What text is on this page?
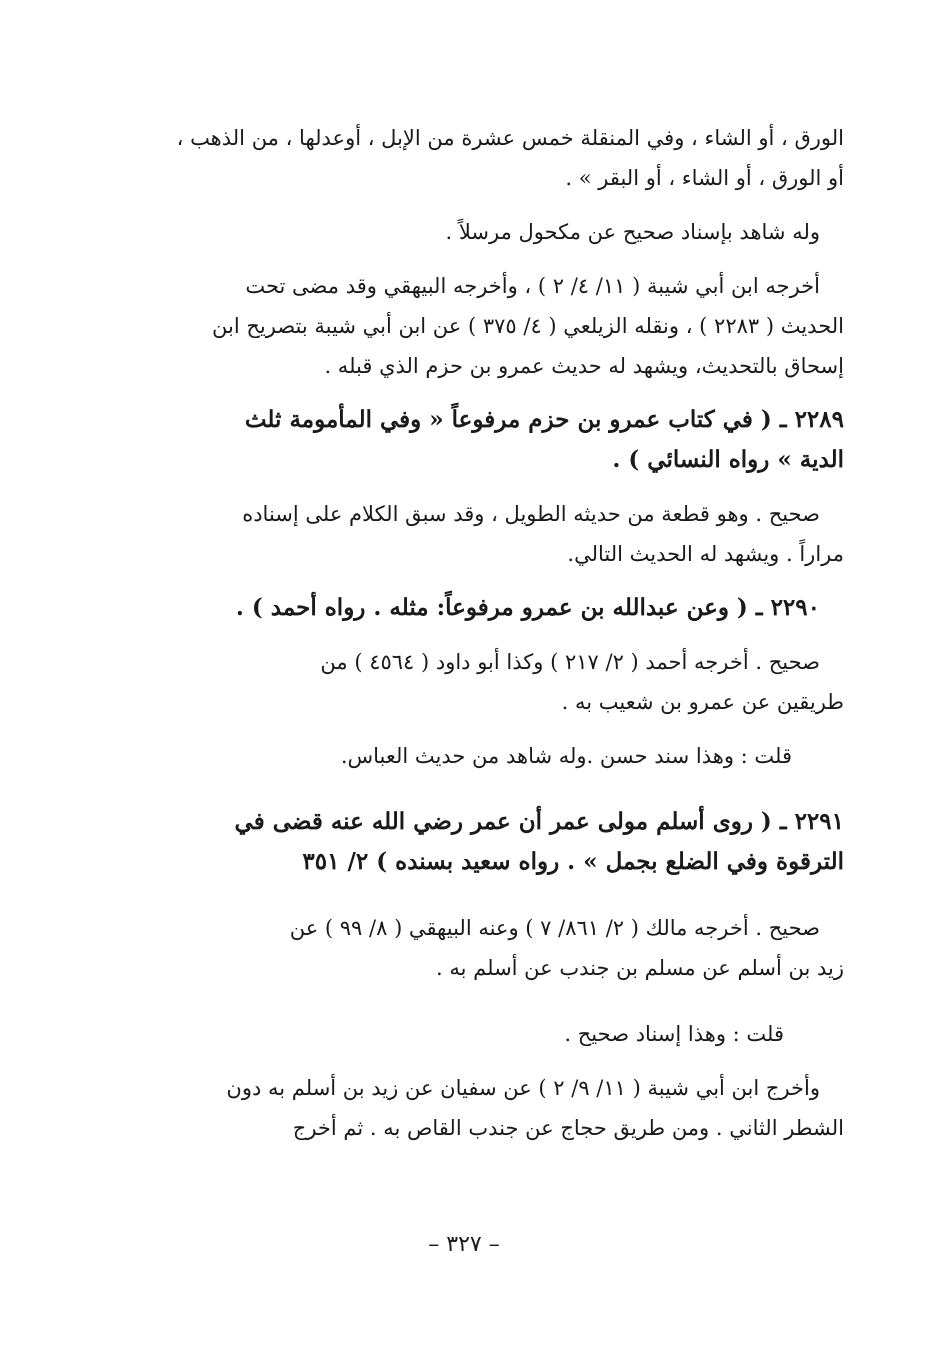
الورق ، أو الشاء ، وفي المنقلة خمس عشرة من الإبل ، أوعدلها ، من الذهب ،
أو الورق ، أو الشاء ، أو البقر » .

وله شاهد بإسناد صحيح عن مكحول مرسلاً .

أخرجه ابن أبي شيبة ( ١١/ ٤/ ٢ ) ، وأخرجه البيهقي وقد مضى تحت
الحديث ( ٢٢٨٣ ) ، ونقله الزيلعي ( ٤/ ٣٧٥ ) عن ابن أبي شيبة بتصريح ابن
إسحاق بالتحديث، ويشهد له حديث عمرو بن حزم الذي قبله .

٢٢٨٩ ـ ( في كتاب عمرو بن حزم مرفوعاً « وفي المأمومة ثلث
الدية » رواه النسائي ) .

صحيح . وهو قطعة من حديثه الطويل ، وقد سبق الكلام على إسناده
مراراً . ويشهد له الحديث التالي.

٢٢٩٠ ـ ( وعن عبدالله بن عمرو مرفوعاً: مثله . رواه أحمد ) .

صحيح . أخرجه أحمد ( ٢/ ٢١٧ ) وكذا أبو داود ( ٤٥٦٤ ) من
طريقين عن عمرو بن شعيب به .

قلت : وهذا سند حسن .وله شاهد من حديث العباس.

٢٢٩١ ـ ( روى أسلم مولى عمر أن عمر رضي الله عنه قضى في
الترقوة وفي الضلع بجمل » . رواه سعيد بسنده ) ٢/ ٣٥١

صحيح . أخرجه مالك ( ٢/ ٨٦١/ ٧ ) وعنه البيهقي ( ٨/ ٩٩ ) عن
زيد بن أسلم عن مسلم بن جندب عن أسلم به .

قلت : وهذا إسناد صحيح .

وأخرج ابن أبي شيبة ( ١١/ ٩/ ٢ ) عن سفيان عن زيد بن أسلم به دون
الشطر الثاني . ومن طريق حجاج عن جندب القاص به . ثم أخرج

– ٣٢٧ –
